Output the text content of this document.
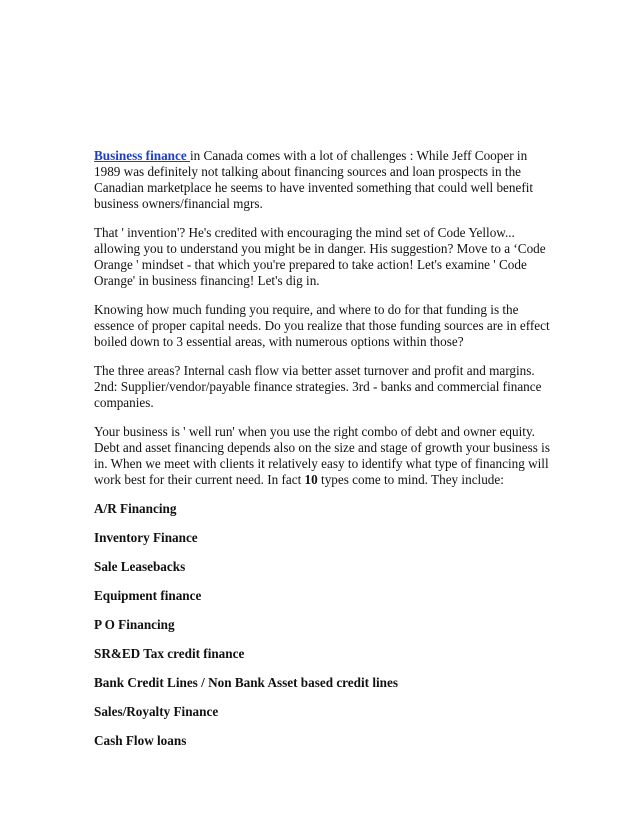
Business finance in Canada comes with a lot of challenges : While Jeff Cooper in 1989 was definitely not talking about financing sources and loan prospects in the Canadian marketplace he seems to have invented something that could well benefit business owners/financial mgrs.

That ' invention'? He's credited with encouraging the mind set of Code Yellow... allowing you to understand you might be in danger. His suggestion? Move to a ‘Code Orange ' mindset - that which you're prepared to take action! Let's examine ' Code Orange' in business financing! Let's dig in.

Knowing how much funding you require, and where to do for that funding is the essence of proper capital needs. Do you realize that those funding sources are in effect boiled down to 3 essential areas, with numerous options within those?

The three areas? Internal cash flow via better asset turnover and profit and margins. 2nd: Supplier/vendor/payable finance strategies. 3rd - banks and commercial finance companies.

Your business is ' well run' when you use the right combo of debt and owner equity. Debt and asset financing depends also on the size and stage of growth your business is in. When we meet with clients it relatively easy to identify what type of financing will work best for their current need. In fact 10 types come to mind. They include:

A/R Financing

Inventory Finance

Sale Leasebacks

Equipment finance

P O Financing

SR&ED Tax credit finance

Bank Credit Lines / Non Bank Asset based credit lines

Sales/Royalty Finance

Cash Flow loans
